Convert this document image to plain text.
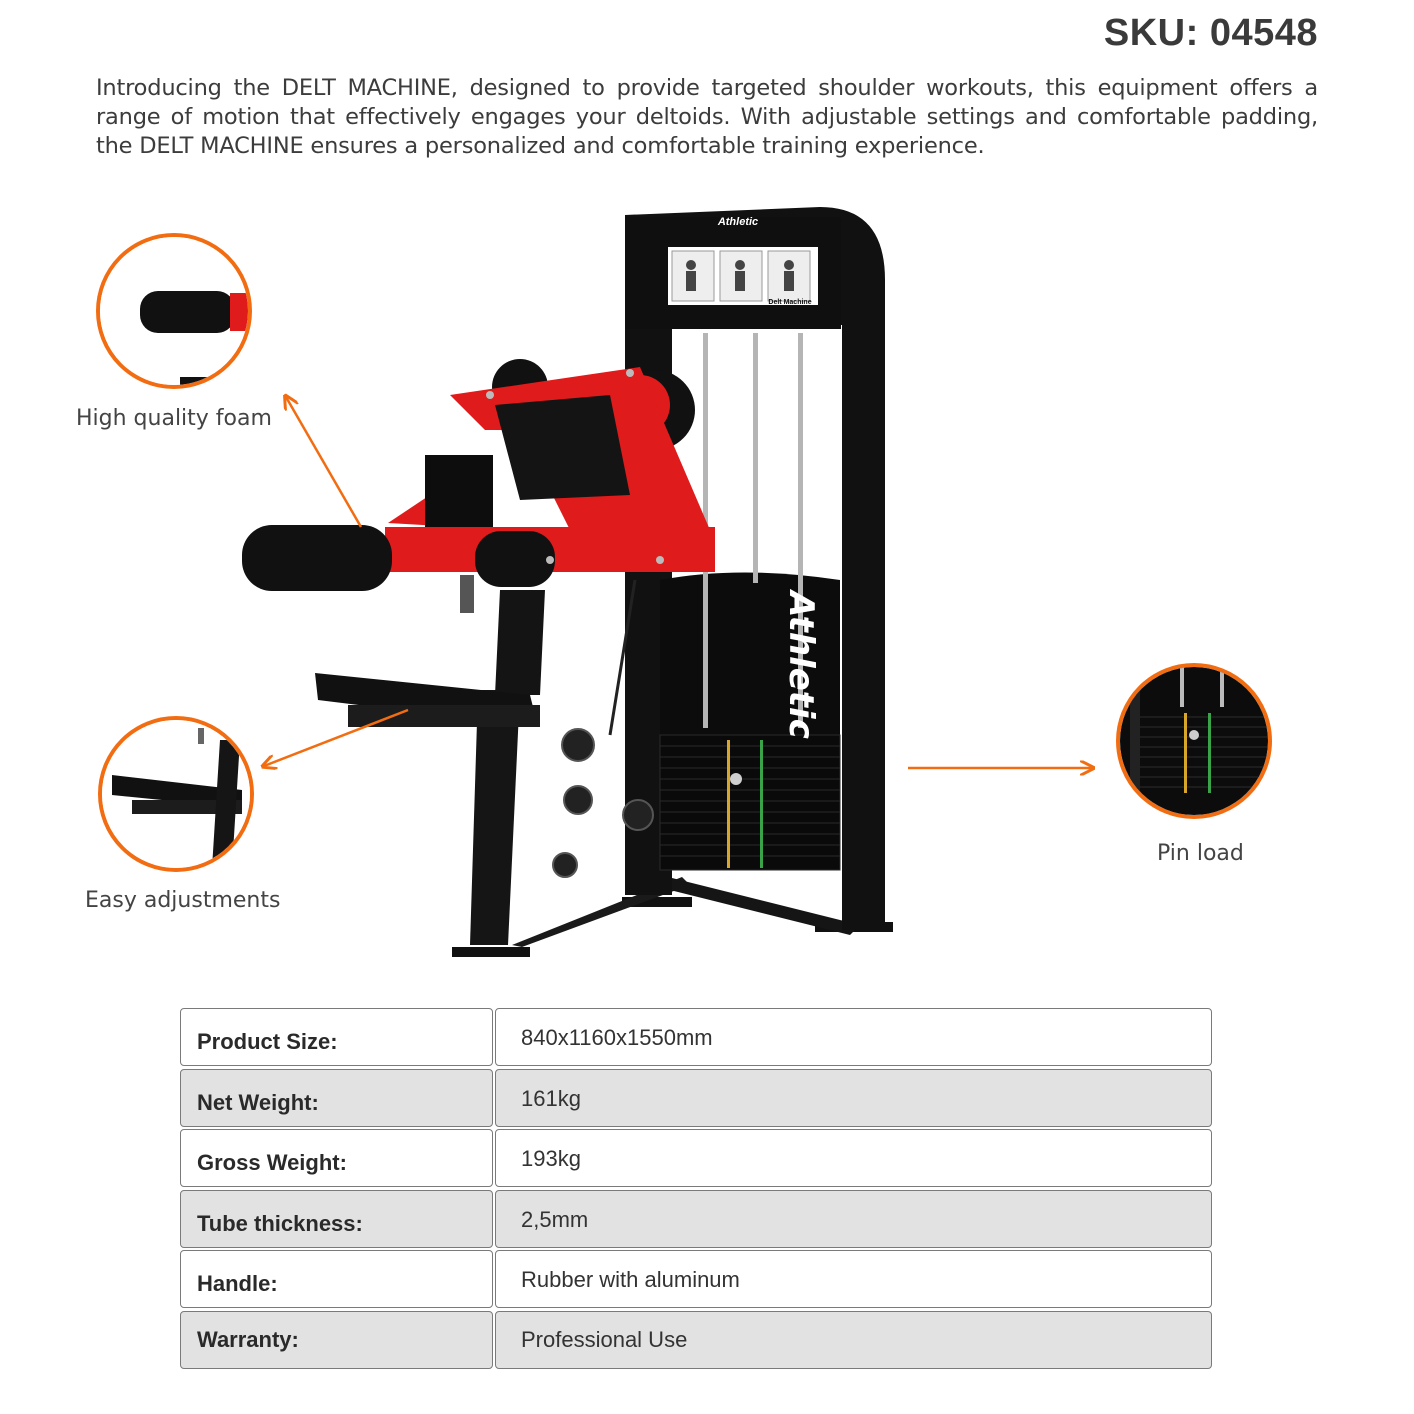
SKU: 04548
Introducing the DELT MACHINE, designed to provide targeted shoulder workouts, this equipment offers a range of motion that effectively engages your deltoids. With adjustable settings and comfortable padding, the DELT MACHINE ensures a personalized and comfortable training experience.
Athletic
Delt Machine
Athletic
High quality foam
Easy adjustments
Pin load
Product Size:	840x1160x1550mm
Net Weight:	161kg
Gross Weight:	193kg
Tube thickness:	2,5mm
Handle:	Rubber with aluminum
Warranty:	Professional Use
